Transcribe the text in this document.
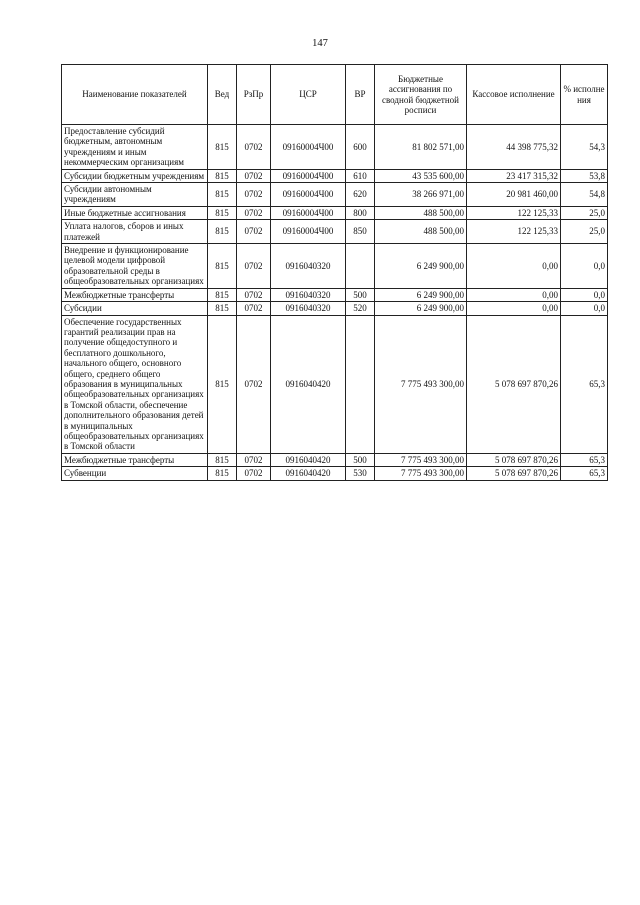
147
Наименование показателей	Вед	РзПр	ЦСР	ВР	Бюджетные ассигнования по сводной бюджетной росписи	Кассовое исполнение	% исполне ния
Предоставление субсидий бюджетным, автономным учреждениям и иным некоммерческим организациям	815	0702	09160004Ч00	600	81 802 571,00	44 398 775,32	54,3
Субсидии бюджетным учреждениям	815	0702	09160004Ч00	610	43 535 600,00	23 417 315,32	53,8
Субсидии автономным учреждениям	815	0702	09160004Ч00	620	38 266 971,00	20 981 460,00	54,8
Иные бюджетные ассигнования	815	0702	09160004Ч00	800	488 500,00	122 125,33	25,0
Уплата налогов, сборов и иных платежей	815	0702	09160004Ч00	850	488 500,00	122 125,33	25,0
Внедрение и функционирование целевой модели цифровой образовательной среды в общеобразовательных организациях	815	0702	0916040320		6 249 900,00	0,00	0,0
Межбюджетные трансферты	815	0702	0916040320	500	6 249 900,00	0,00	0,0
Субсидии	815	0702	0916040320	520	6 249 900,00	0,00	0,0
Обеспечение государственных гарантий реализации прав на получение общедоступного и бесплатного дошкольного, начального общего, основного общего, среднего общего образования в муниципальных общеобразовательных организациях в Томской области, обеспечение дополнительного образования детей в муниципальных общеобразовательных организациях в Томской области	815	0702	0916040420		7 775 493 300,00	5 078 697 870,26	65,3
Межбюджетные трансферты	815	0702	0916040420	500	7 775 493 300,00	5 078 697 870,26	65,3
Субвенции	815	0702	0916040420	530	7 775 493 300,00	5 078 697 870,26	65,3
